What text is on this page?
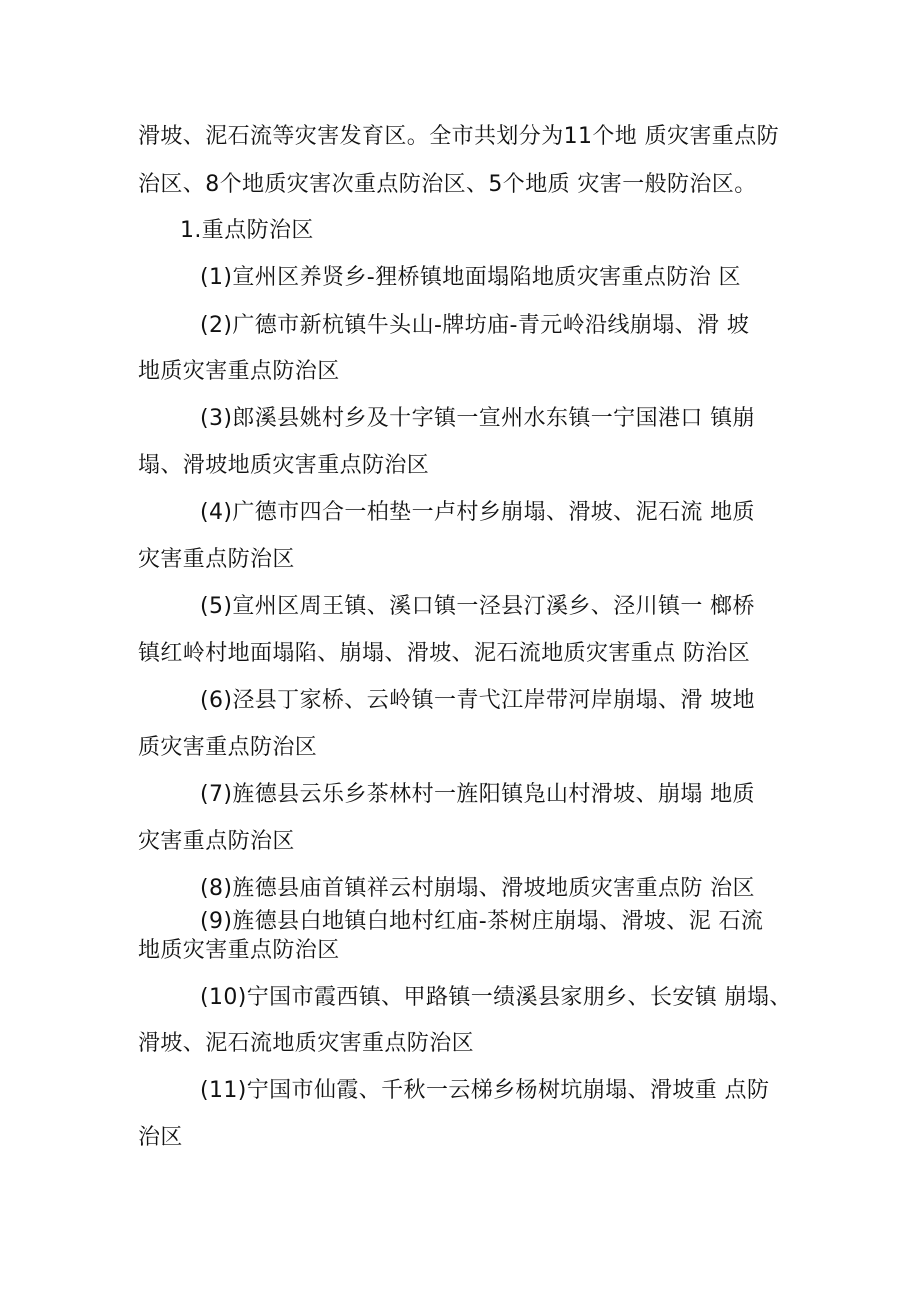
滑坡、泥石流等灾害发育区。全市共划分为11个地 质灾害重点防

治区、8个地质灾害次重点防治区、5个地质 灾害一般防治区。

1.重点防治区

(1)宣州区养贤乡-狸桥镇地面塌陷地质灾害重点防治 区

(2)广德市新杭镇牛头山-牌坊庙-青元岭沿线崩塌、滑 坡

地质灾害重点防治区

(3)郎溪县姚村乡及十字镇一宣州水东镇一宁国港口 镇崩

塌、滑坡地质灾害重点防治区

(4)广德市四合一柏垫一卢村乡崩塌、滑坡、泥石流 地质

灾害重点防治区

(5)宣州区周王镇、溪口镇一泾县汀溪乡、泾川镇一 榔桥

镇红岭村地面塌陷、崩塌、滑坡、泥石流地质灾害重点 防治区

(6)泾县丁家桥、云岭镇一青弋江岸带河岸崩塌、滑 坡地

质灾害重点防治区

(7)旌德县云乐乡茶林村一旌阳镇凫山村滑坡、崩塌 地质

灾害重点防治区

(8)旌德县庙首镇祥云村崩塌、滑坡地质灾害重点防 治区

(9)旌德县白地镇白地村红庙-茶树庄崩塌、滑坡、泥 石流

地质灾害重点防治区

(10)宁国市霞西镇、甲路镇一绩溪县家朋乡、长安镇 崩塌、

滑坡、泥石流地质灾害重点防治区

(11)宁国市仙霞、千秋一云梯乡杨树坑崩塌、滑坡重 点防

治区
